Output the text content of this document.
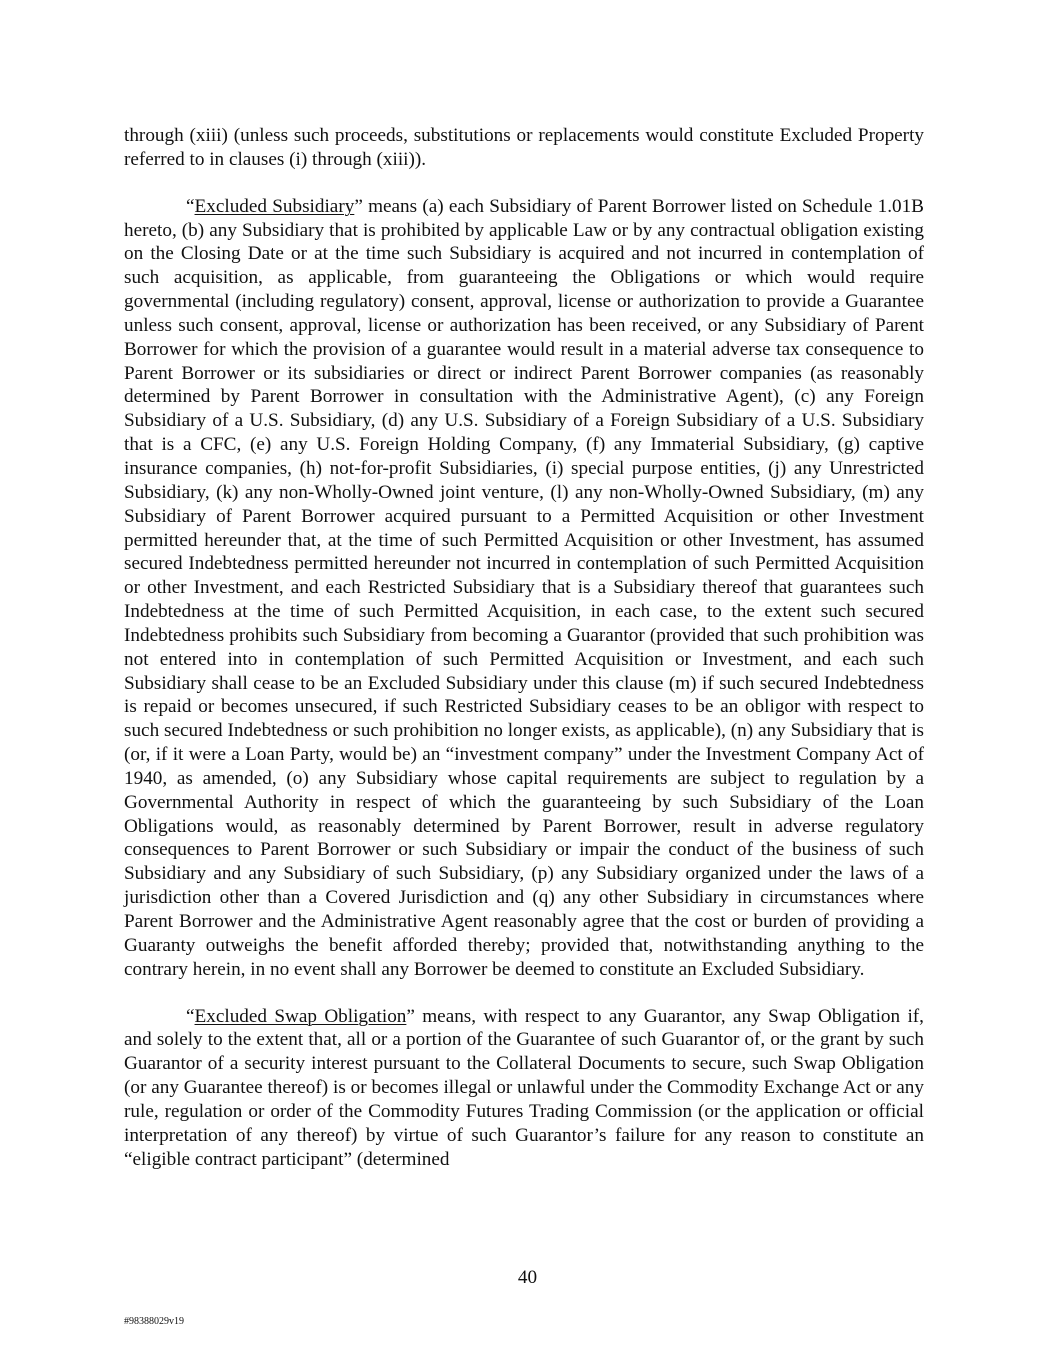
through (xiii) (unless such proceeds, substitutions or replacements would constitute Excluded Property referred to in clauses (i) through (xiii)).

“Excluded Subsidiary” means (a) each Subsidiary of Parent Borrower listed on Schedule 1.01B hereto, (b) any Subsidiary that is prohibited by applicable Law or by any contractual obligation existing on the Closing Date or at the time such Subsidiary is acquired and not incurred in contemplation of such acquisition, as applicable, from guaranteeing the Obligations or which would require governmental (including regulatory) consent, approval, license or authorization to provide a Guarantee unless such consent, approval, license or authorization has been received, or any Subsidiary of Parent Borrower for which the provision of a guarantee would result in a material adverse tax consequence to Parent Borrower or its subsidiaries or direct or indirect Parent Borrower companies (as reasonably determined by Parent Borrower in consultation with the Administrative Agent), (c) any Foreign Subsidiary of a U.S. Subsidiary, (d) any U.S. Subsidiary of a Foreign Subsidiary of a U.S. Subsidiary that is a CFC, (e) any U.S. Foreign Holding Company, (f) any Immaterial Subsidiary, (g) captive insurance companies, (h) not-for-profit Subsidiaries, (i) special purpose entities, (j) any Unrestricted Subsidiary, (k) any non-Wholly-Owned joint venture, (l) any non-Wholly-Owned Subsidiary, (m) any Subsidiary of Parent Borrower acquired pursuant to a Permitted Acquisition or other Investment permitted hereunder that, at the time of such Permitted Acquisition or other Investment, has assumed secured Indebtedness permitted hereunder not incurred in contemplation of such Permitted Acquisition or other Investment, and each Restricted Subsidiary that is a Subsidiary thereof that guarantees such Indebtedness at the time of such Permitted Acquisition, in each case, to the extent such secured Indebtedness prohibits such Subsidiary from becoming a Guarantor (provided that such prohibition was not entered into in contemplation of such Permitted Acquisition or Investment, and each such Subsidiary shall cease to be an Excluded Subsidiary under this clause (m) if such secured Indebtedness is repaid or becomes unsecured, if such Restricted Subsidiary ceases to be an obligor with respect to such secured Indebtedness or such prohibition no longer exists, as applicable), (n) any Subsidiary that is (or, if it were a Loan Party, would be) an “investment company” under the Investment Company Act of 1940, as amended, (o) any Subsidiary whose capital requirements are subject to regulation by a Governmental Authority in respect of which the guaranteeing by such Subsidiary of the Loan Obligations would, as reasonably determined by Parent Borrower, result in adverse regulatory consequences to Parent Borrower or such Subsidiary or impair the conduct of the business of such Subsidiary and any Subsidiary of such Subsidiary, (p) any Subsidiary organized under the laws of a jurisdiction other than a Covered Jurisdiction and (q) any other Subsidiary in circumstances where Parent Borrower and the Administrative Agent reasonably agree that the cost or burden of providing a Guaranty outweighs the benefit afforded thereby; provided that, notwithstanding anything to the contrary herein, in no event shall any Borrower be deemed to constitute an Excluded Subsidiary.

“Excluded Swap Obligation” means, with respect to any Guarantor, any Swap Obligation if, and solely to the extent that, all or a portion of the Guarantee of such Guarantor of, or the grant by such Guarantor of a security interest pursuant to the Collateral Documents to secure, such Swap Obligation (or any Guarantee thereof) is or becomes illegal or unlawful under the Commodity Exchange Act or any rule, regulation or order of the Commodity Futures Trading Commission (or the application or official interpretation of any thereof) by virtue of such Guarantor’s failure for any reason to constitute an “eligible contract participant” (determined

40
#98388029v19
